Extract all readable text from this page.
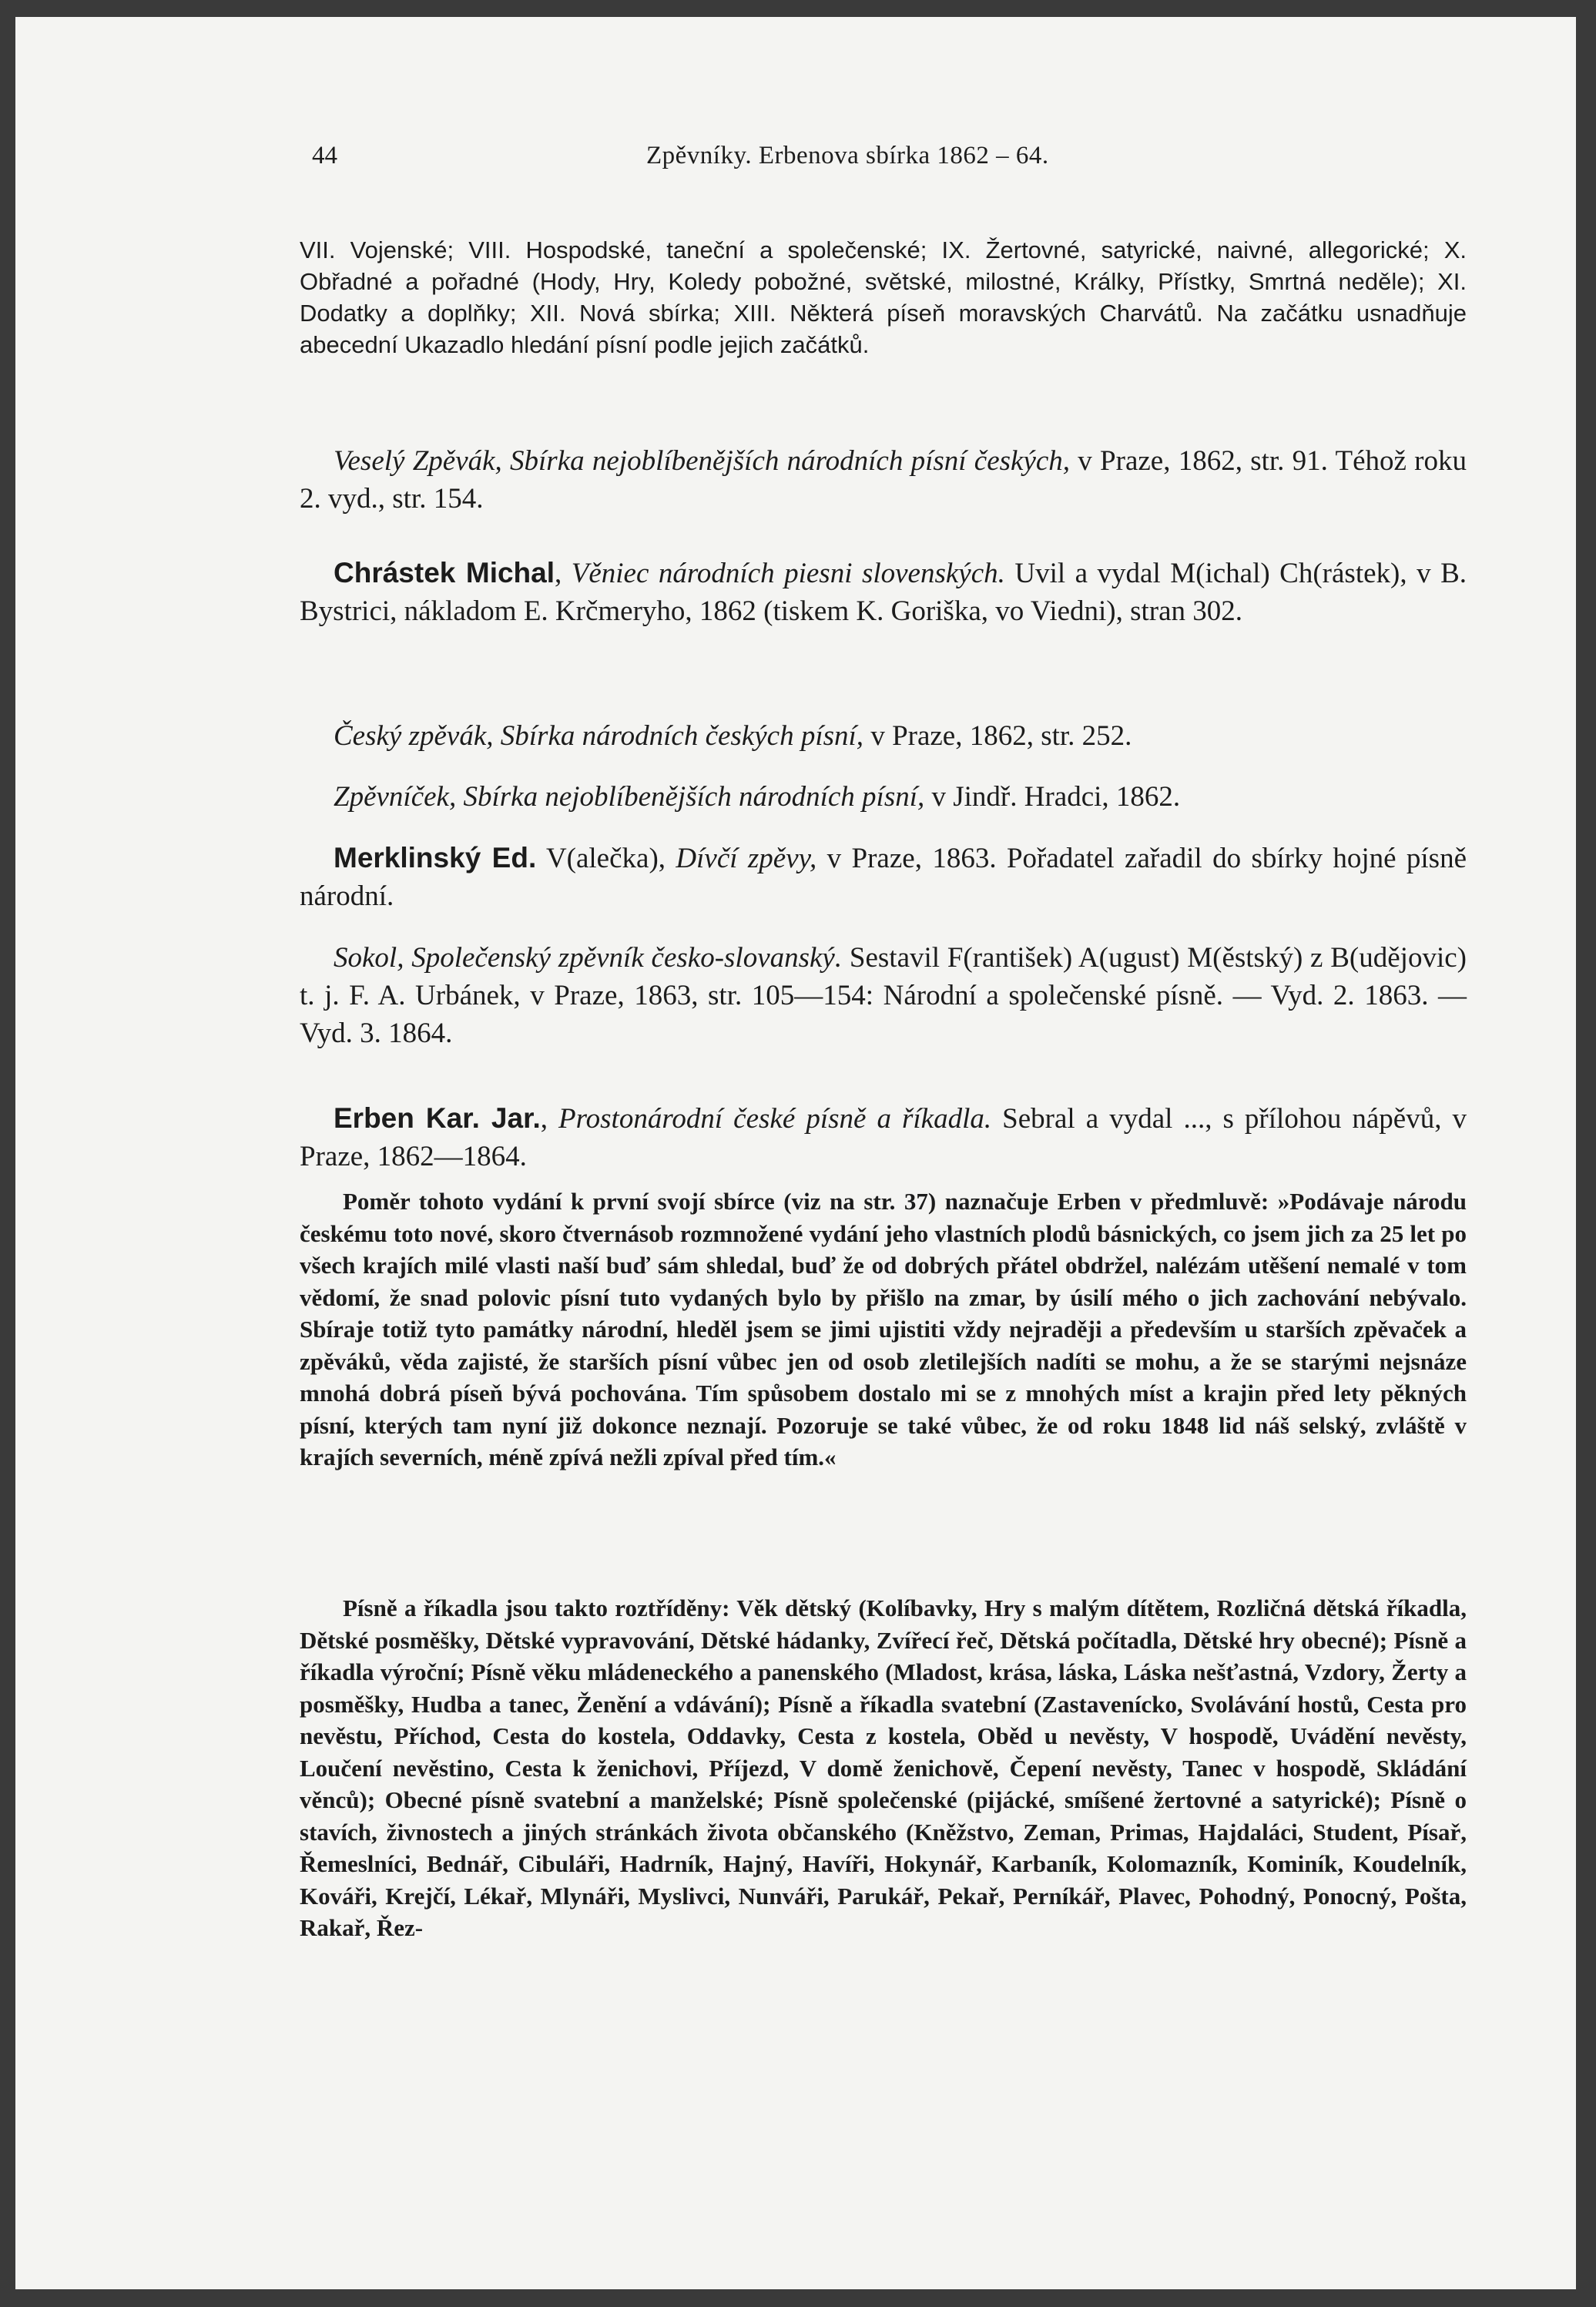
44	Zpěvníky. Erbenova sbírka 1862 – 64.
VII. Vojenské; VIII. Hospodské, taneční a společenské; IX. Žertovné, satyrické, naivné, allegorické; X. Obřadné a pořadné (Hody, Hry, Koledy pobožné, světské, milostné, Králky, Přístky, Smrtná neděle); XI. Dodatky a doplňky; XII. Nová sbírka; XIII. Některá píseň moravských Charvátů. Na začátku usnadňuje abecední Ukazadlo hledání písní podle jejich začátků.
Veselý Zpěvák, Sbírka nejoblíbenějších národních písní českých, v Praze, 1862, str. 91. Téhož roku 2. vyd., str. 154.
Chrástek Michal, Věniec národních piesni slovenských. Uvil a vydal M(ichal) Ch(rástek), v B. Bystrici, nákladom E. Krčmeryho, 1862 (tiskem K. Goriška, vo Viedni), stran 302.
Český zpěvák, Sbírka národních českých písní, v Praze, 1862, str. 252.
Zpěvníček, Sbírka nejoblíbenějších národních písní, v Jindř. Hradci, 1862.
Merklinský Ed. V(alečka), Dívčí zpěvy, v Praze, 1863. Pořadatel zařadil do sbírky hojné písně národní.
Sokol, Společenský zpěvník česko-slovanský. Sestavil F(rantišek) A(ugust) M(ěstský) z B(udějovic) t. j. F. A. Urbánek, v Praze, 1863, str. 105—154: Národní a společenské písně. — Vyd. 2. 1863. — Vyd. 3. 1864.
Erben Kar. Jar., Prostonárodní české písně a říkadla. Sebral a vydal ..., s přílohou nápěvů, v Praze, 1862—1864.
Poměr tohoto vydání k první svojí sbírce (viz na str. 37) naznačuje Erben v předmluvě: »Podávaje národu českému toto nové, skoro čtvernásob rozmnožené vydání jeho vlastních plodů básnických, co jsem jich za 25 let po všech krajích milé vlasti naší buď sám shledal, buď že od dobrých přátel obdržel, nalézám utěšení nemalé v tom vědomí, že snad polovic písní tuto vydaných bylo by přišlo na zmar, by úsilí mého o jich zachování nebývalo. Sbíraje totiž tyto památky národní, hleděl jsem se jimi ujistiti vždy nejraději a především u starších zpěvaček a zpěváků, věda zajisté, že starších písní vůbec jen od osob zletilejších nadíti se mohu, a že se starými nejsnáze mnohá dobrá píseň bývá pochována. Tím spůsobem dostalo mi se z mnohých míst a krajin před lety pěkných písní, kterých tam nyní již dokonce neznají. Pozoruje se také vůbec, že od roku 1848 lid náš selský, zvláště v krajích severních, méně zpívá nežli zpíval před tím.«
Písně a říkadla jsou takto roztříděny: Věk dětský (Kolíbavky, Hry s malým dítětem, Rozličná dětská říkadla, Dětské posměšky, Dětské vypravování, Dětské hádanky, Zvířecí řeč, Dětská počítadla, Dětské hry obecné); Písně a říkadla výroční; Písně věku mládeneckého a panenského (Mladost, krása, láska, Láska nešťastná, Vzdory, Žerty a posměšky, Hudba a tanec, Ženění a vdávání); Písně a říkadla svatební (Zastavenícko, Svolávání hostů, Cesta pro nevěstu, Příchod, Cesta do kostela, Oddavky, Cesta z kostela, Oběd u nevěsty, V hospodě, Uvádění nevěsty, Loučení nevěstino, Cesta k ženichovi, Příjezd, V domě ženichově, Čepení nevěsty, Tanec v hospodě, Skládání věnců); Obecné písně svatební a manželské; Písně společenské (pijácké, smíšené žertovné a satyrické); Písně o stavích, živnostech a jiných stránkách života občanského (Kněžstvo, Zeman, Primas, Hajdaláci, Student, Písař, Řemeslníci, Bednář, Cibuláři, Hadrník, Hajný, Havíři, Hokynář, Karbaník, Kolomazník, Kominík, Koudelník, Kováři, Krejčí, Lékař, Mlynáři, Myslivci, Nunváři, Parukář, Pekař, Perníkář, Plavec, Pohodný, Ponocný, Pošta, Rakař, Řez-
